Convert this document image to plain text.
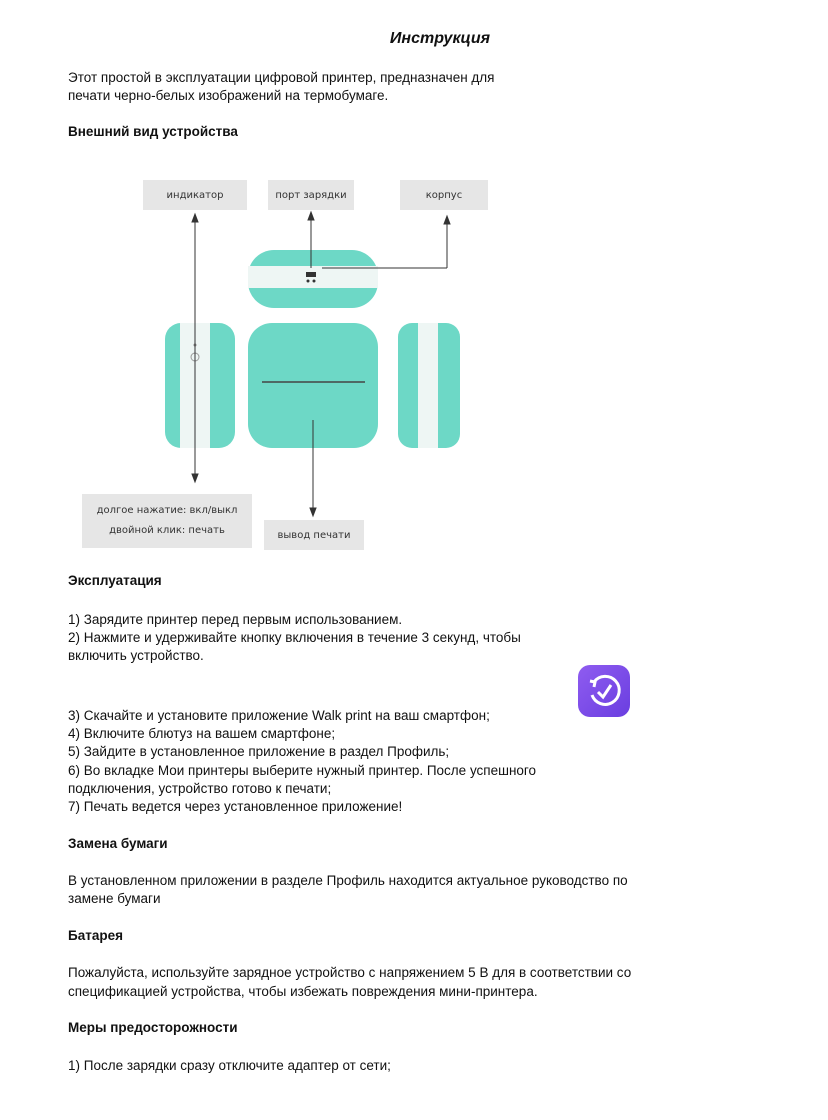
Инструкция
Этот простой в эксплуатации цифровой принтер, предназначен для
печати черно-белых изображений на термобумаге.
Внешний вид устройства
индикатор	порт зарядки	корпус
долгое нажатие: вкл/выкл
двойной клик: печать	вывод печати
Эксплуатация
1) Зарядите принтер перед первым использованием.
2) Нажмите и удерживайте кнопку включения в течение 3 секунд, чтобы
включить устройство.
3) Скачайте и установите приложение Walk print на ваш смартфон;
4) Включите блютуз на вашем смартфоне;
5) Зайдите в установленное приложение в раздел Профиль;
6) Во вкладке Мои принтеры выберите нужный принтер. После успешного
подключения, устройство готово к печати;
7) Печать ведется через установленное приложение!
Замена бумаги
В установленном приложении в разделе Профиль находится актуальное руководство по
замене бумаги
Батарея
Пожалуйста, используйте зарядное устройство с напряжением 5 В для в соответствии со
спецификацией устройства, чтобы избежать повреждения мини-принтера.
Меры предосторожности
1) После зарядки сразу отключите адаптер от сети;
